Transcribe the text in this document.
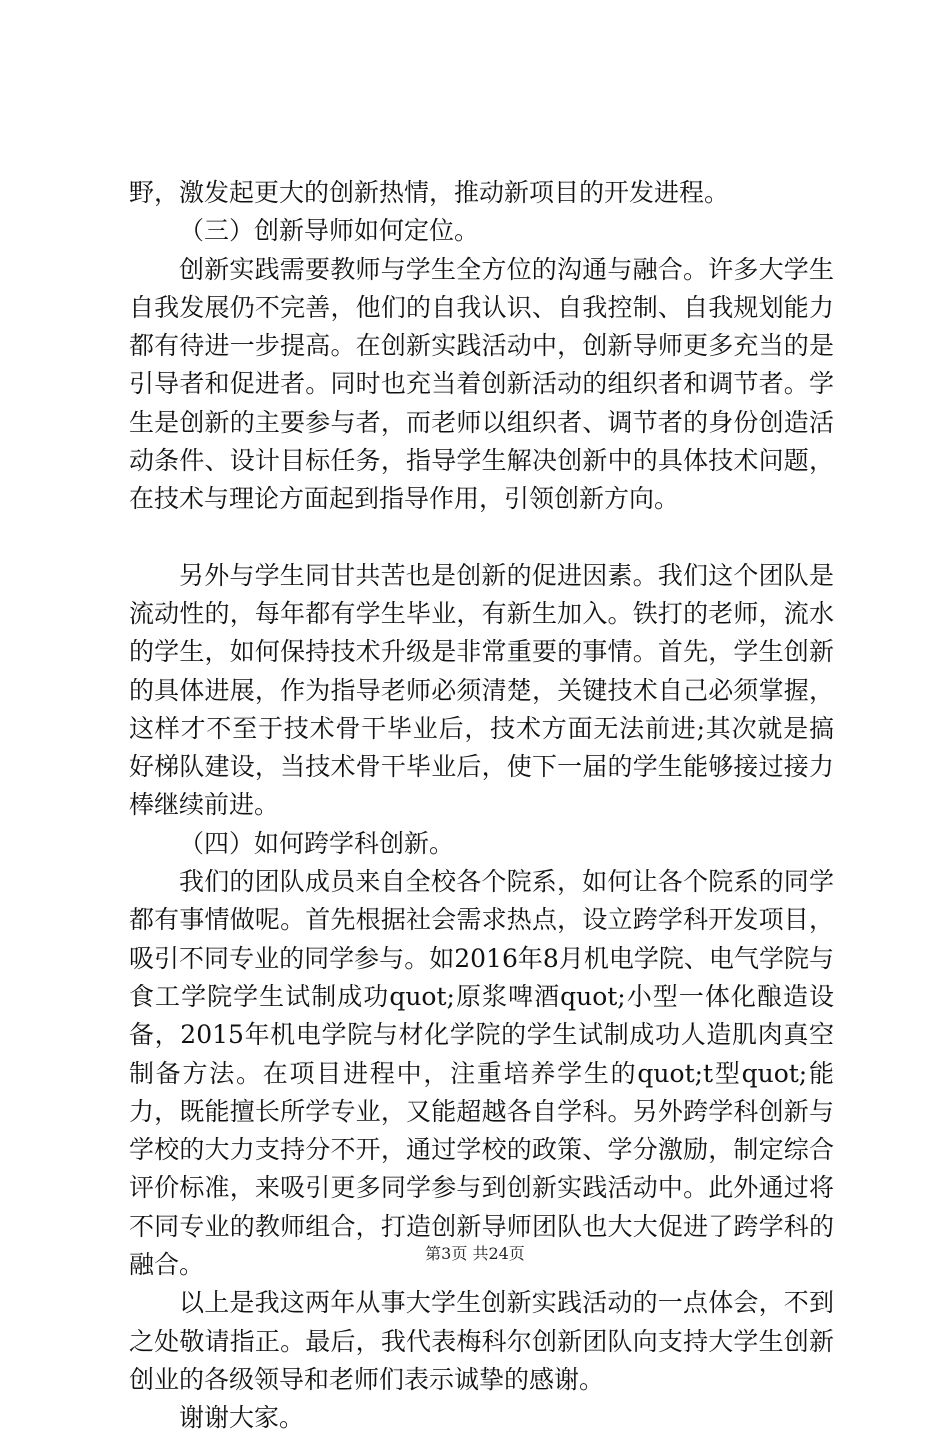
野，激发起更大的创新热情，推动新项目的开发进程。

（三）创新导师如何定位。

创新实践需要教师与学生全方位的沟通与融合。许多大学生自我发展仍不完善，他们的自我认识、自我控制、自我规划能力都有待进一步提高。在创新实践活动中，创新导师更多充当的是引导者和促进者。同时也充当着创新活动的组织者和调节者。学生是创新的主要参与者，而老师以组织者、调节者的身份创造活动条件、设计目标任务，指导学生解决创新中的具体技术问题，在技术与理论方面起到指导作用，引领创新方向。

另外与学生同甘共苦也是创新的促进因素。我们这个团队是流动性的，每年都有学生毕业，有新生加入。铁打的老师，流水的学生，如何保持技术升级是非常重要的事情。首先，学生创新的具体进展，作为指导老师必须清楚，关键技术自己必须掌握，这样才不至于技术骨干毕业后，技术方面无法前进;其次就是搞好梯队建设，当技术骨干毕业后，使下一届的学生能够接过接力棒继续前进。

（四）如何跨学科创新。

我们的团队成员来自全校各个院系，如何让各个院系的同学都有事情做呢。首先根据社会需求热点，设立跨学科开发项目，吸引不同专业的同学参与。如2016年8月机电学院、电气学院与食工学院学生试制成功quot;原浆啤酒quot;小型一体化酿造设备，2015年机电学院与材化学院的学生试制成功人造肌肉真空制备方法。在项目进程中，注重培养学生的quot;t型quot;能力，既能擅长所学专业，又能超越各自学科。另外跨学科创新与学校的大力支持分不开，通过学校的政策、学分激励，制定综合评价标准，来吸引更多同学参与到创新实践活动中。此外通过将不同专业的教师组合，打造创新导师团队也大大促进了跨学科的融合。

以上是我这两年从事大学生创新实践活动的一点体会，不到之处敬请指正。最后，我代表梅科尔创新团队向支持大学生创新创业的各级领导和老师们表示诚挚的感谢。

谢谢大家。

第3页 共24页
